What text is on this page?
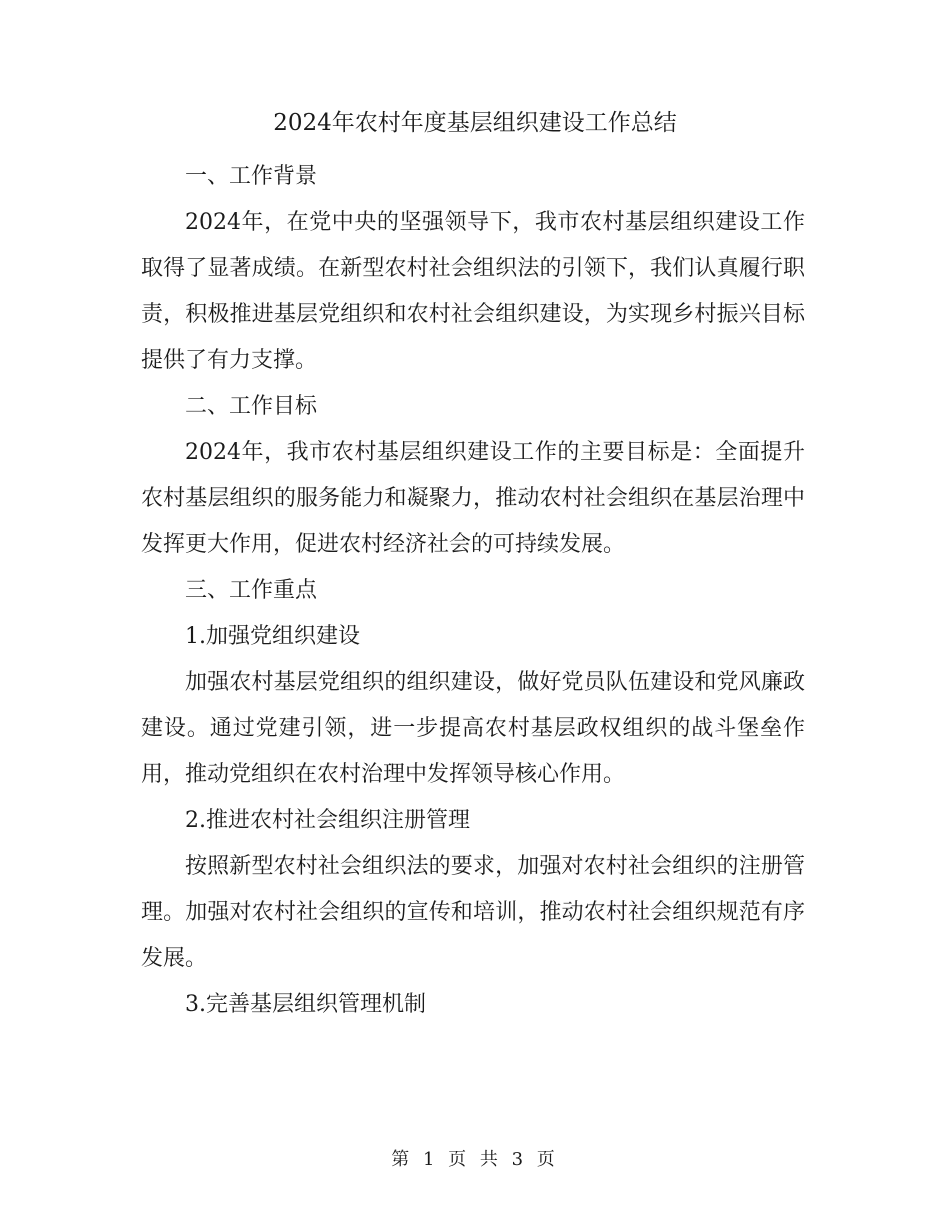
2024年农村年度基层组织建设工作总结

一、工作背景

2024年，在党中央的坚强领导下，我市农村基层组织建设工作取得了显著成绩。在新型农村社会组织法的引领下，我们认真履行职责，积极推进基层党组织和农村社会组织建设，为实现乡村振兴目标提供了有力支撑。

二、工作目标

2024年，我市农村基层组织建设工作的主要目标是：全面提升农村基层组织的服务能力和凝聚力，推动农村社会组织在基层治理中发挥更大作用，促进农村经济社会的可持续发展。

三、工作重点

1.加强党组织建设

加强农村基层党组织的组织建设，做好党员队伍建设和党风廉政建设。通过党建引领，进一步提高农村基层政权组织的战斗堡垒作用，推动党组织在农村治理中发挥领导核心作用。

2.推进农村社会组织注册管理

按照新型农村社会组织法的要求，加强对农村社会组织的注册管理。加强对农村社会组织的宣传和培训，推动农村社会组织规范有序发展。

3.完善基层组织管理机制

第 1 页 共 3 页
